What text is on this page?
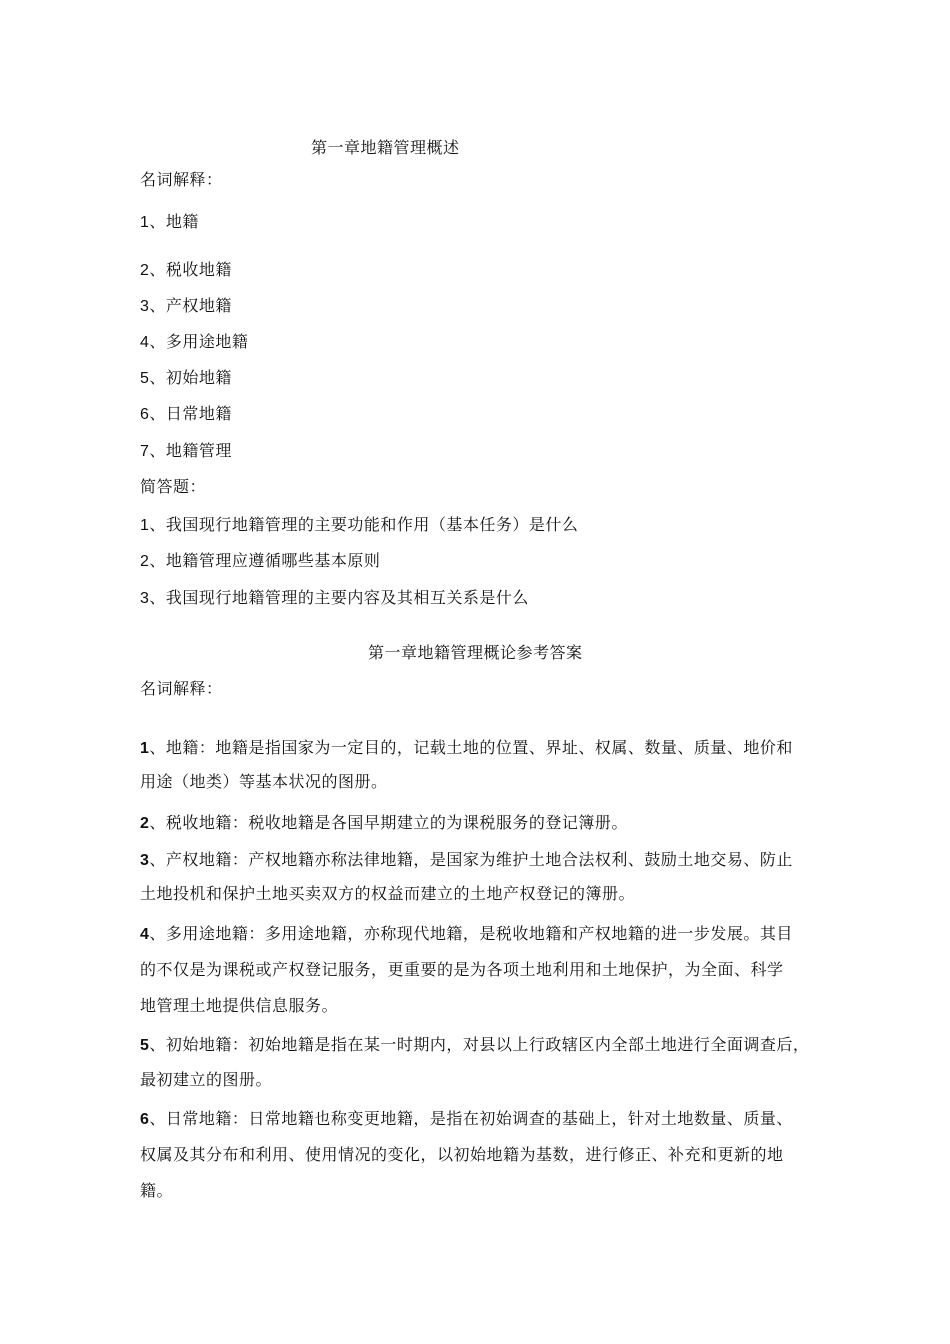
第一章地籍管理概述
名词解释：
1、地籍
2、税收地籍
3、产权地籍
4、多用途地籍
5、初始地籍
6、日常地籍
7、地籍管理
简答题：
1、我国现行地籍管理的主要功能和作用（基本任务）是什么
2、地籍管理应遵循哪些基本原则
3、我国现行地籍管理的主要内容及其相互关系是什么
第一章地籍管理概论参考答案
名词解释：
1、地籍：地籍是指国家为一定目的，记载土地的位置、界址、权属、数量、质量、地价和
用途（地类）等基本状况的图册。
2、税收地籍：税收地籍是各国早期建立的为课税服务的登记簿册。
3、产权地籍：产权地籍亦称法律地籍，是国家为维护土地合法权利、鼓励土地交易、防止
土地投机和保护土地买卖双方的权益而建立的土地产权登记的簿册。
4、多用途地籍：多用途地籍，亦称现代地籍，是税收地籍和产权地籍的进一步发展。其目
的不仅是为课税或产权登记服务，更重要的是为各项土地利用和土地保护，为全面、科学
地管理土地提供信息服务。
5、初始地籍：初始地籍是指在某一时期内，对县以上行政辖区内全部土地进行全面调查后，
最初建立的图册。
6、日常地籍：日常地籍也称变更地籍，是指在初始调查的基础上，针对土地数量、质量、
权属及其分布和利用、使用情况的变化，以初始地籍为基数，进行修正、补充和更新的地
籍。
